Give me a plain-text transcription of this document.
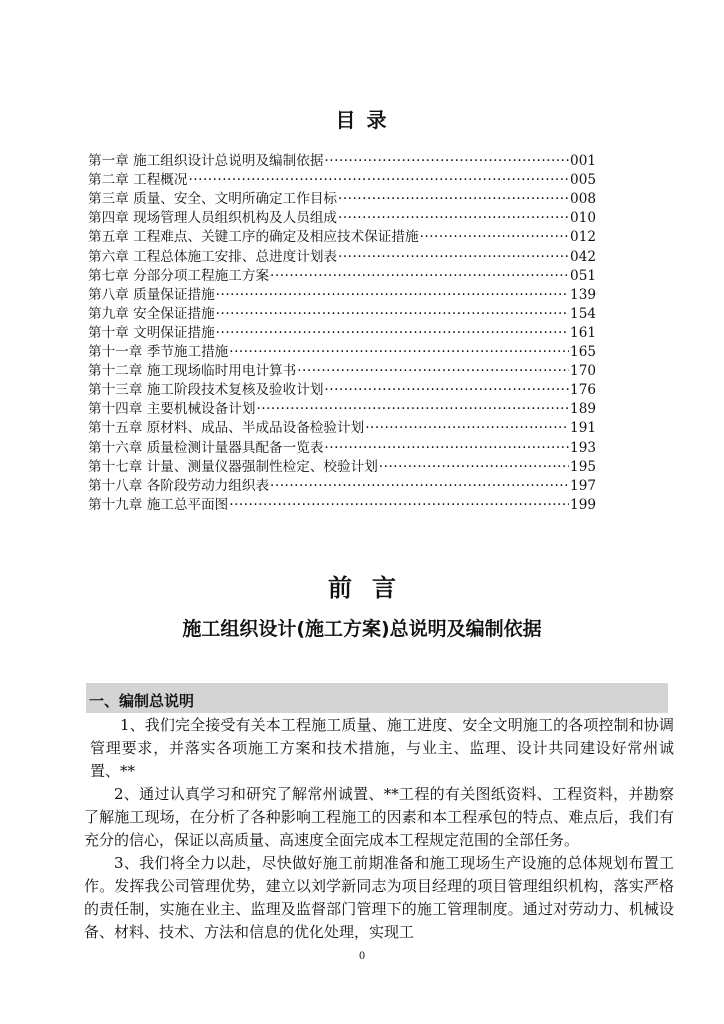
目 录
第一章 施工组织设计总说明及编制依据 ·····	001
第二章 工程概况 ·····	005
第三章 质量、安全、文明所确定工作目标 ·····	008
第四章 现场管理人员组织机构及人员组成 ·····	010
第五章 工程难点、关键工序的确定及相应技术保证措施 ·····	012
第六章 工程总体施工安排、总进度计划表 ·····	042
第七章 分部分项工程施工方案 ·····	051
第八章 质量保证措施 ·····	139
第九章 安全保证措施 ·····	154
第十章 文明保证措施 ·····	161
第十一章 季节施工措施 ·····	165
第十二章 施工现场临时用电计算书 ·····	170
第十三章 施工阶段技术复核及验收计划 ·····	176
第十四章 主要机械设备计划 ·····	189
第十五章 原材料、成品、半成品设备检验计划 ·····	191
第十六章 质量检测计量器具配备一览表 ·····	193
第十七章 计量、测量仪器强制性检定、校验计划 ·····	195
第十八章 各阶段劳动力组织表 ·····	197
第十九章 施工总平面图 ·····	199
前言
施工组织设计(施工方案)总说明及编制依据
一、编制总说明

1、我们完全接受有关本工程施工质量、施工进度、安全文明施工的各项控制和协调管理要求，并落实各项施工方案和技术措施，与业主、监理、设计共同建设好常州诚置、**

2、通过认真学习和研究了解常州诚置、**工程的有关图纸资料、工程资料，并勘察了解施工现场，在分析了各种影响工程施工的因素和本工程承包的特点、难点后，我们有充分的信心，保证以高质量、高速度全面完成本工程规定范围的全部任务。

3、我们将全力以赴，尽快做好施工前期准备和施工现场生产设施的总体规划布置工作。发挥我公司管理优势，建立以刘学新同志为项目经理的项目管理组织机构，落实严格的责任制，实施在业主、监理及监督部门管理下的施工管理制度。通过对劳动力、机械设备、材料、技术、方法和信息的优化处理，实现工

0
